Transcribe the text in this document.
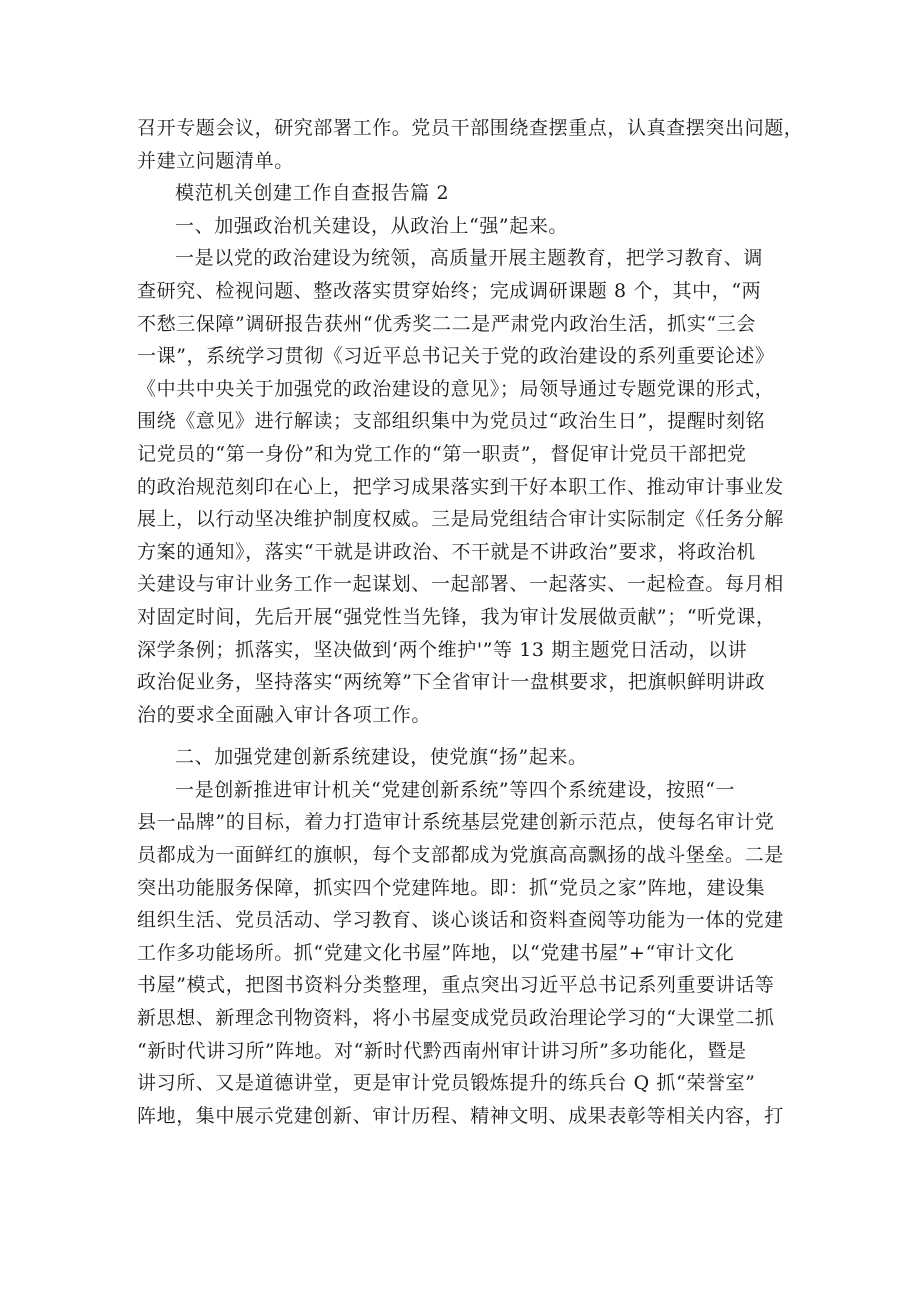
召开专题会议，研究部署工作。党员干部围绕查摆重点，认真查摆突出问题，
并建立问题清单。
模范机关创建工作自查报告篇 2
一、加强政治机关建设，从政治上“强”起来。
一是以党的政治建设为统领，高质量开展主题教育，把学习教育、调
查研究、检视问题、整改落实贯穿始终；完成调研课题 8 个，其中，“两
不愁三保障”调研报告获州“优秀奖二二是严肃党内政治生活，抓实“三会
一课”，系统学习贯彻《习近平总书记关于党的政治建设的系列重要论述》
《中共中央关于加强党的政治建设的意见》；局领导通过专题党课的形式，
围绕《意见》进行解读；支部组织集中为党员过“政治生日”，提醒时刻铭
记党员的“第一身份”和为党工作的“第一职责”，督促审计党员干部把党
的政治规范刻印在心上，把学习成果落实到干好本职工作、推动审计事业发
展上，以行动坚决维护制度权威。三是局党组结合审计实际制定《任务分解
方案的通知》，落实“干就是讲政治、不干就是不讲政治”要求，将政治机
关建设与审计业务工作一起谋划、一起部署、一起落实、一起检查。每月相
对固定时间，先后开展“强党性当先锋，我为审计发展做贡献”；“听党课，
深学条例；抓落实，坚决做到‘两个维护'”等 13 期主题党日活动，以讲
政治促业务，坚持落实“两统筹”下全省审计一盘棋要求，把旗帜鲜明讲政
治的要求全面融入审计各项工作。
二、加强党建创新系统建设，使党旗“扬”起来。
一是创新推进审计机关“党建创新系统”等四个系统建设，按照“一
县一品牌”的目标，着力打造审计系统基层党建创新示范点，使每名审计党
员都成为一面鲜红的旗帜，每个支部都成为党旗高高飘扬的战斗堡垒。二是
突出功能服务保障，抓实四个党建阵地。即：抓“党员之家”阵地，建设集
组织生活、党员活动、学习教育、谈心谈话和资料查阅等功能为一体的党建
工作多功能场所。抓“党建文化书屋”阵地，以“党建书屋”+“审计文化
书屋”模式，把图书资料分类整理，重点突出习近平总书记系列重要讲话等
新思想、新理念刊物资料，将小书屋变成党员政治理论学习的“大课堂二抓
“新时代讲习所”阵地。对“新时代黔西南州审计讲习所”多功能化，暨是
讲习所、又是道德讲堂，更是审计党员锻炼提升的练兵台 Q 抓“荣誉室”
阵地，集中展示党建创新、审计历程、精神文明、成果表彰等相关内容，打
